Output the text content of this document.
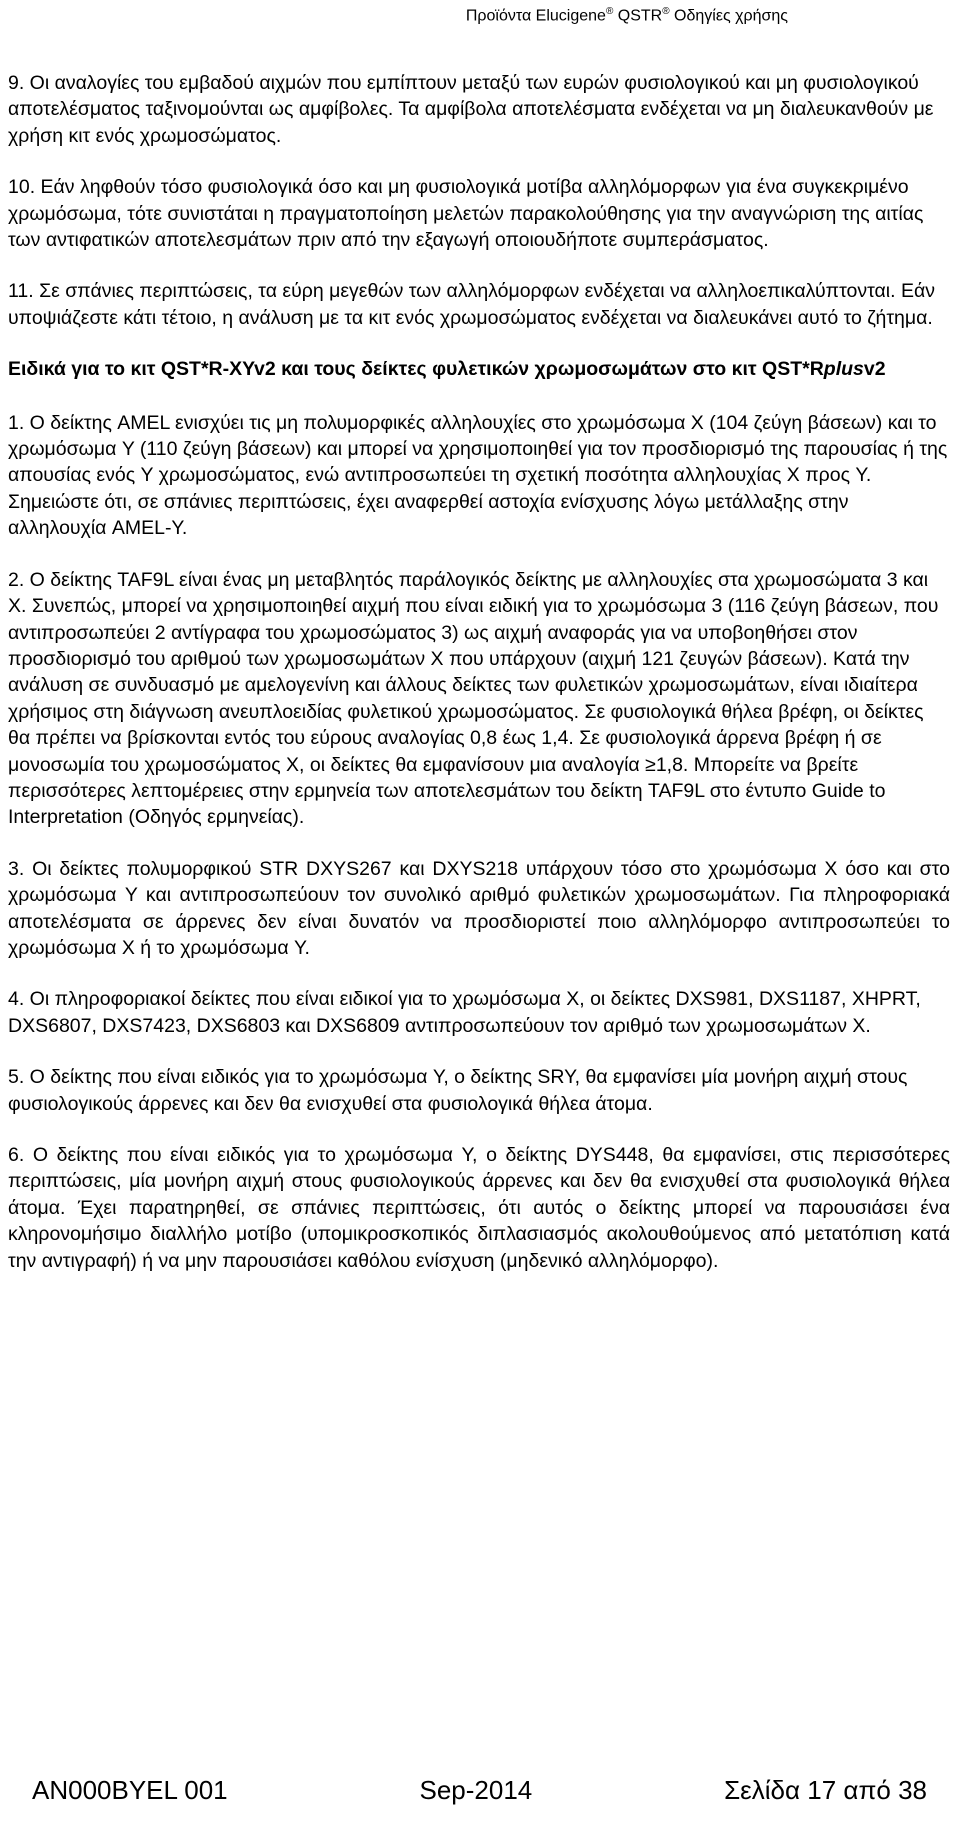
Προϊόντα Elucigene® QSTR® Οδηγίες χρήσης

9. Οι αναλογίες του εμβαδού αιχμών που εμπίπτουν μεταξύ των ευρών φυσιολογικού και μη φυσιολογικού αποτελέσματος ταξινομούνται ως αμφίβολες. Τα αμφίβολα αποτελέσματα ενδέχεται να μη διαλευκανθούν με χρήση κιτ ενός χρωμοσώματος.

10. Εάν ληφθούν τόσο φυσιολογικά όσο και μη φυσιολογικά μοτίβα αλληλόμορφων για ένα συγκεκριμένο χρωμόσωμα, τότε συνιστάται η πραγματοποίηση μελετών παρακολούθησης για την αναγνώριση της αιτίας των αντιφατικών αποτελεσμάτων πριν από την εξαγωγή οποιουδήποτε συμπεράσματος.

11. Σε σπάνιες περιπτώσεις, τα εύρη μεγεθών των αλληλόμορφων ενδέχεται να αλληλοεπικαλύπτονται. Εάν υποψιάζεστε κάτι τέτοιο, η ανάλυση με τα κιτ ενός χρωμοσώματος ενδέχεται να διαλευκάνει αυτό το ζήτημα.

Ειδικά για το κιτ QST*R-XYv2 και τους δείκτες φυλετικών χρωμοσωμάτων στο κιτ QST*Rplusv2

1. Ο δείκτης AMEL ενισχύει τις μη πολυμορφικές αλληλουχίες στο χρωμόσωμα X (104 ζεύγη βάσεων) και το χρωμόσωμα Y (110 ζεύγη βάσεων) και μπορεί να χρησιμοποιηθεί για τον προσδιορισμό της παρουσίας ή της απουσίας ενός Y χρωμοσώματος, ενώ αντιπροσωπεύει τη σχετική ποσότητα αλληλουχίας X προς Y. Σημειώστε ότι, σε σπάνιες περιπτώσεις, έχει αναφερθεί αστοχία ενίσχυσης λόγω μετάλλαξης στην αλληλουχία AMEL-Y.

2. Ο δείκτης TAF9L είναι ένας μη μεταβλητός παράλογικός δείκτης με αλληλουχίες στα χρωμοσώματα 3 και X. Συνεπώς, μπορεί να χρησιμοποιηθεί αιχμή που είναι ειδική για το χρωμόσωμα 3 (116 ζεύγη βάσεων, που αντιπροσωπεύει 2 αντίγραφα του χρωμοσώματος 3) ως αιχμή αναφοράς για να υποβοηθήσει στον προσδιορισμό του αριθμού των χρωμοσωμάτων X που υπάρχουν (αιχμή 121 ζευγών βάσεων). Κατά την ανάλυση σε συνδυασμό με αμελογενίνη και άλλους δείκτες των φυλετικών χρωμοσωμάτων, είναι ιδιαίτερα χρήσιμος στη διάγνωση ανευπλοειδίας φυλετικού χρωμοσώματος. Σε φυσιολογικά θήλεα βρέφη, οι δείκτες θα πρέπει να βρίσκονται εντός του εύρους αναλογίας 0,8 έως 1,4. Σε φυσιολογικά άρρενα βρέφη ή σε μονοσωμία του χρωμοσώματος X, οι δείκτες θα εμφανίσουν μια αναλογία ≥1,8. Μπορείτε να βρείτε περισσότερες λεπτομέρειες στην ερμηνεία των αποτελεσμάτων του δείκτη TAF9L στο έντυπο Guide to Interpretation (Οδηγός ερμηνείας).

3. Οι δείκτες πολυμορφικού STR DXYS267 και DXYS218 υπάρχουν τόσο στο χρωμόσωμα X όσο και στο χρωμόσωμα Y και αντιπροσωπεύουν τον συνολικό αριθμό φυλετικών χρωμοσωμάτων. Για πληροφοριακά αποτελέσματα σε άρρενες δεν είναι δυνατόν να προσδιοριστεί ποιο αλληλόμορφο αντιπροσωπεύει το χρωμόσωμα X ή το χρωμόσωμα Y.

4. Οι πληροφοριακοί δείκτες που είναι ειδικοί για το χρωμόσωμα X, οι δείκτες DXS981, DXS1187, XHPRT, DXS6807, DXS7423, DXS6803 και DXS6809 αντιπροσωπεύουν τον αριθμό των χρωμοσωμάτων X.

5. Ο δείκτης που είναι ειδικός για το χρωμόσωμα Y, ο δείκτης SRY, θα εμφανίσει μία μονήρη αιχμή στους φυσιολογικούς άρρενες και δεν θα ενισχυθεί στα φυσιολογικά θήλεα άτομα.

6. Ο δείκτης που είναι ειδικός για το χρωμόσωμα Y, ο δείκτης DYS448, θα εμφανίσει, στις περισσότερες περιπτώσεις, μία μονήρη αιχμή στους φυσιολογικούς άρρενες και δεν θα ενισχυθεί στα φυσιολογικά θήλεα άτομα. Έχει παρατηρηθεί, σε σπάνιες περιπτώσεις, ότι αυτός ο δείκτης μπορεί να παρουσιάσει ένα κληρονομήσιμο διαλλήλο μοτίβο (υπομικροσκοπικός διπλασιασμός ακολουθούμενος από μετατόπιση κατά την αντιγραφή) ή να μην παρουσιάσει καθόλου ενίσχυση (μηδενικό αλληλόμορφο).

AN000BYEL 001	Sep-2014	Σελίδα 17 από 38
